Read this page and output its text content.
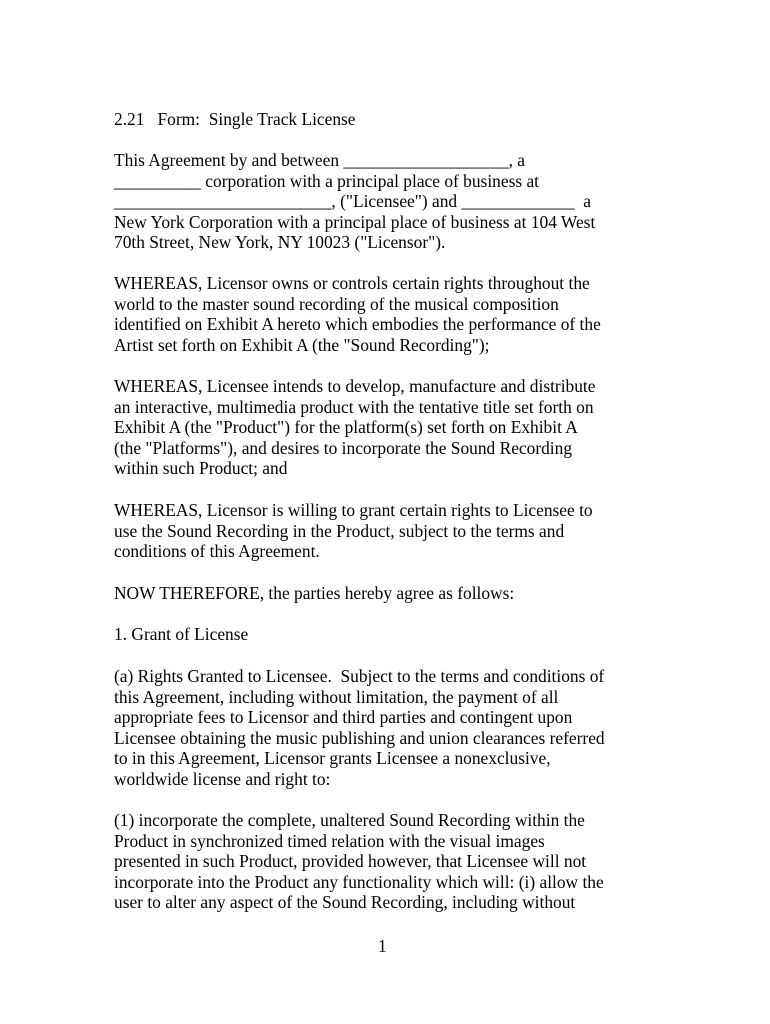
2.21   Form:  Single Track License
This Agreement by and between ___________________, a
__________ corporation with a principal place of business at
_________________________, ("Licensee") and _____________  a
New York Corporation with a principal place of business at 104 West
70th Street, New York, NY 10023 ("Licensor").
WHEREAS, Licensor owns or controls certain rights throughout the
world to the master sound recording of the musical composition
identified on Exhibit A hereto which embodies the performance of the
Artist set forth on Exhibit A (the "Sound Recording");
WHEREAS, Licensee intends to develop, manufacture and distribute
an interactive, multimedia product with the tentative title set forth on
Exhibit A (the "Product") for the platform(s) set forth on Exhibit A
(the "Platforms"), and desires to incorporate the Sound Recording
within such Product; and
WHEREAS, Licensor is willing to grant certain rights to Licensee to
use the Sound Recording in the Product, subject to the terms and
conditions of this Agreement.
NOW THEREFORE, the parties hereby agree as follows:
1. Grant of License
(a) Rights Granted to Licensee.  Subject to the terms and conditions of
this Agreement, including without limitation, the payment of all
appropriate fees to Licensor and third parties and contingent upon
Licensee obtaining the music publishing and union clearances referred
to in this Agreement, Licensor grants Licensee a nonexclusive,
worldwide license and right to:
(1) incorporate the complete, unaltered Sound Recording within the
Product in synchronized timed relation with the visual images
presented in such Product, provided however, that Licensee will not
incorporate into the Product any functionality which will: (i) allow the
user to alter any aspect of the Sound Recording, including without
1
